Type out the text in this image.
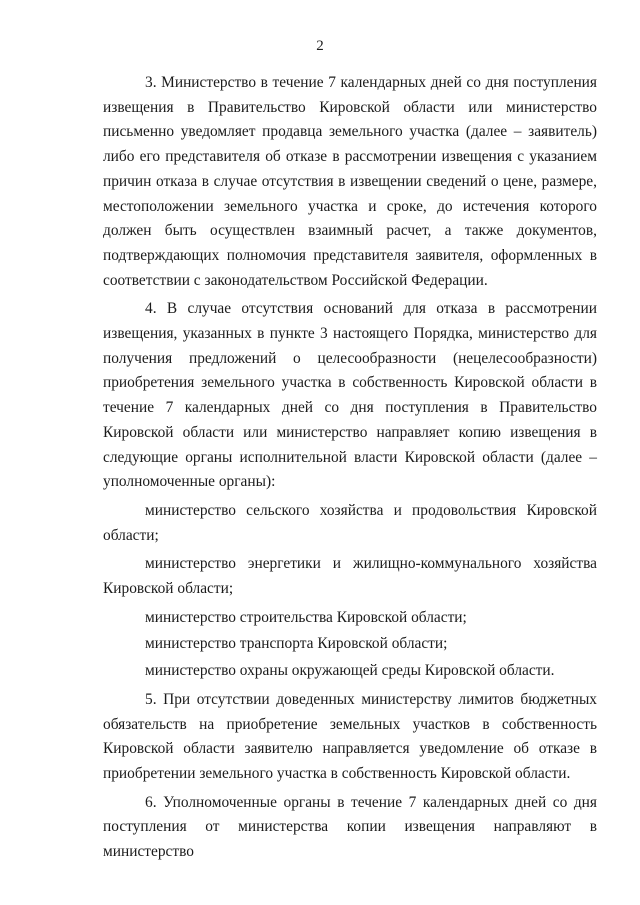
2

3. Министерство в течение 7 календарных дней со дня поступления извещения в Правительство Кировской области или министерство письменно уведомляет продавца земельного участка (далее – заявитель) либо его представителя об отказе в рассмотрении извещения с указанием причин отказа в случае отсутствия в извещении сведений о цене, размере, местоположении земельного участка и сроке, до истечения которого должен быть осуществлен взаимный расчет, а также документов, подтверждающих полномочия представителя заявителя, оформленных в соответствии с законодательством Российской Федерации.

4. В случае отсутствия оснований для отказа в рассмотрении извещения, указанных в пункте 3 настоящего Порядка, министерство для получения предложений о целесообразности (нецелесообразности) приобретения земельного участка в собственность Кировской области в течение 7 календарных дней со дня поступления в Правительство Кировской области или министерство направляет копию извещения в следующие органы исполнительной власти Кировской области (далее – уполномоченные органы):

министерство сельского хозяйства и продовольствия Кировской области;

министерство энергетики и жилищно-коммунального хозяйства Кировской области;

министерство строительства Кировской области;

министерство транспорта Кировской области;

министерство охраны окружающей среды Кировской области.

5. При отсутствии доведенных министерству лимитов бюджетных обязательств на приобретение земельных участков в собственность Кировской области заявителю направляется уведомление об отказе в приобретении земельного участка в собственность Кировской области.

6. Уполномоченные органы в течение 7 календарных дней со дня поступления от министерства копии извещения направляют в министерство
